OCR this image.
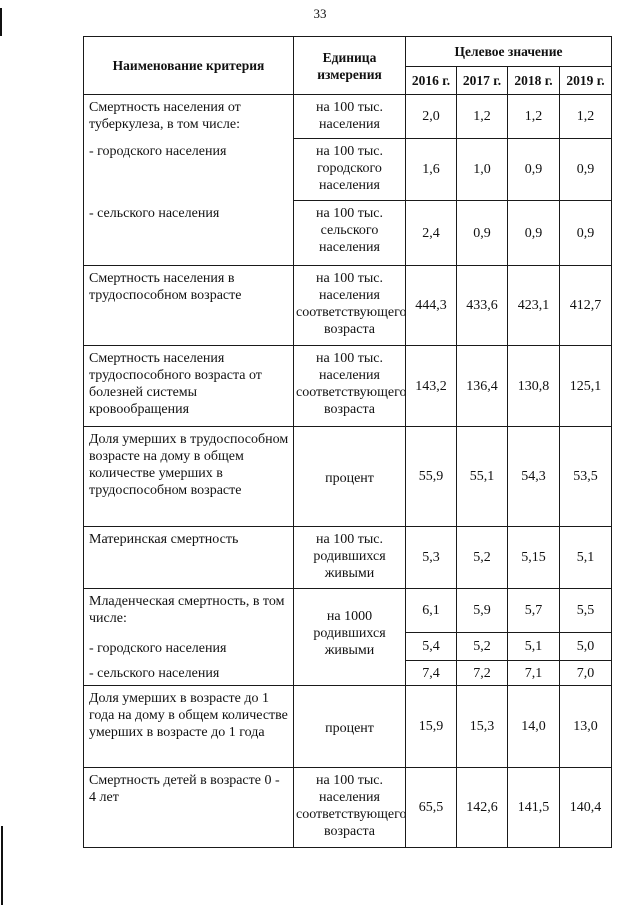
33
Наименование критерия	Единица измерения	Целевое значение			
		2016 г.	2017 г.	2018 г.	2019 г.
Смертность населения от туберкулеза, в том числе:	на 100 тыс. населения	2,0	1,2	1,2	1,2
- городского населения	на 100 тыс. городского населения	1,6	1,0	0,9	0,9
- сельского населения	на 100 тыс. сельского населения	2,4	0,9	0,9	0,9
Смертность населения в трудоспособном возрасте	на 100 тыс. населения соответствующего возраста	444,3	433,6	423,1	412,7
Смертность населения трудоспособного возраста от болезней системы кровообращения	на 100 тыс. населения соответствующего возраста	143,2	136,4	130,8	125,1
Доля умерших в трудоспособном возрасте на дому в общем количестве умерших в трудоспособном возрасте	процент	55,9	55,1	54,3	53,5
Материнская смертность	на 100 тыс. родившихся живыми	5,3	5,2	5,15	5,1
Младенческая смертность, в том числе:	на 1000 родившихся живыми	6,1	5,9	5,7	5,5
- городского населения		5,4	5,2	5,1	5,0
- сельского населения		7,4	7,2	7,1	7,0
Доля умерших в возрасте до 1 года на дому в общем количестве умерших в возрасте до 1 года	процент	15,9	15,3	14,0	13,0
Смертность детей в возрасте 0 - 4 лет	на 100 тыс. населения соответствующего возраста	65,5	142,6	141,5	140,4
